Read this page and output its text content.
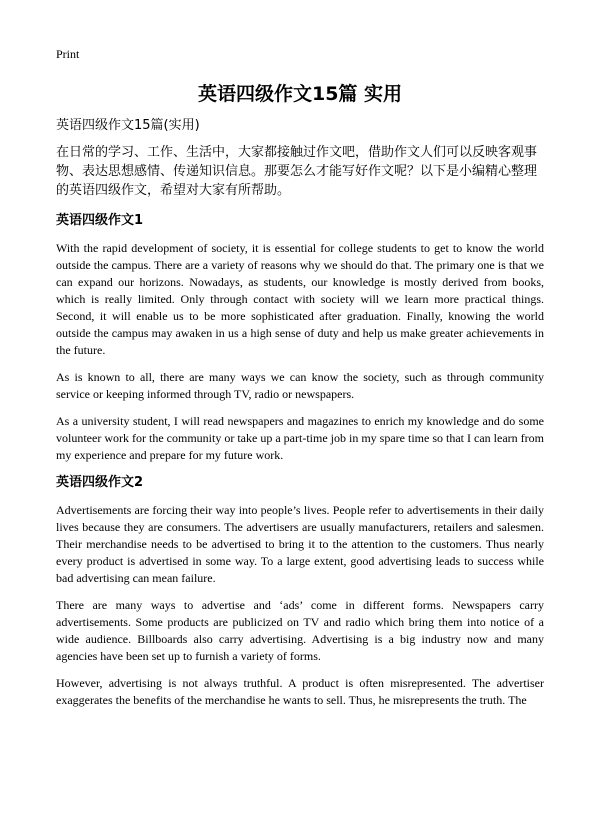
Print
英语四级作文15篇 实用
英语四级作文15篇(实用)
在日常的学习、工作、生活中，大家都接触过作文吧，借助作文人们可以反映客观事物、表达思想感情、传递知识信息。那要怎么才能写好作文呢？以下是小编精心整理的英语四级作文，希望对大家有所帮助。
英语四级作文1

With the rapid development of society, it is essential for college students to get to know the world outside the campus. There are a variety of reasons why we should do that. The primary one is that we can expand our horizons. Nowadays, as students, our knowledge is mostly derived from books, which is really limited. Only through contact with society will we learn more practical things. Second, it will enable us to be more sophisticated after graduation. Finally, knowing the world outside the campus may awaken in us a high sense of duty and help us make greater achievements in the future.

As is known to all, there are many ways we can know the society, such as through community service or keeping informed through TV, radio or newspapers.

As a university student, I will read newspapers and magazines to enrich my knowledge and do some volunteer work for the community or take up a part-time job in my spare time so that I can learn from my experience and prepare for my future work.

英语四级作文2

Advertisements are forcing their way into people’s lives. People refer to advertisements in their daily lives because they are consumers. The advertisers are usually manufacturers, retailers and salesmen. Their merchandise needs to be advertised to bring it to the attention to the customers. Thus nearly every product is advertised in some way. To a large extent, good advertising leads to success while bad advertising can mean failure.

There are many ways to advertise and ‘ads’ come in different forms. Newspapers carry advertisements. Some products are publicized on TV and radio which bring them into notice of a wide audience. Billboards also carry advertising. Advertising is a big industry now and many agencies have been set up to furnish a variety of forms.

However, advertising is not always truthful. A product is often misrepresented. The advertiser exaggerates the benefits of the merchandise he wants to sell. Thus, he misrepresents the truth. The
